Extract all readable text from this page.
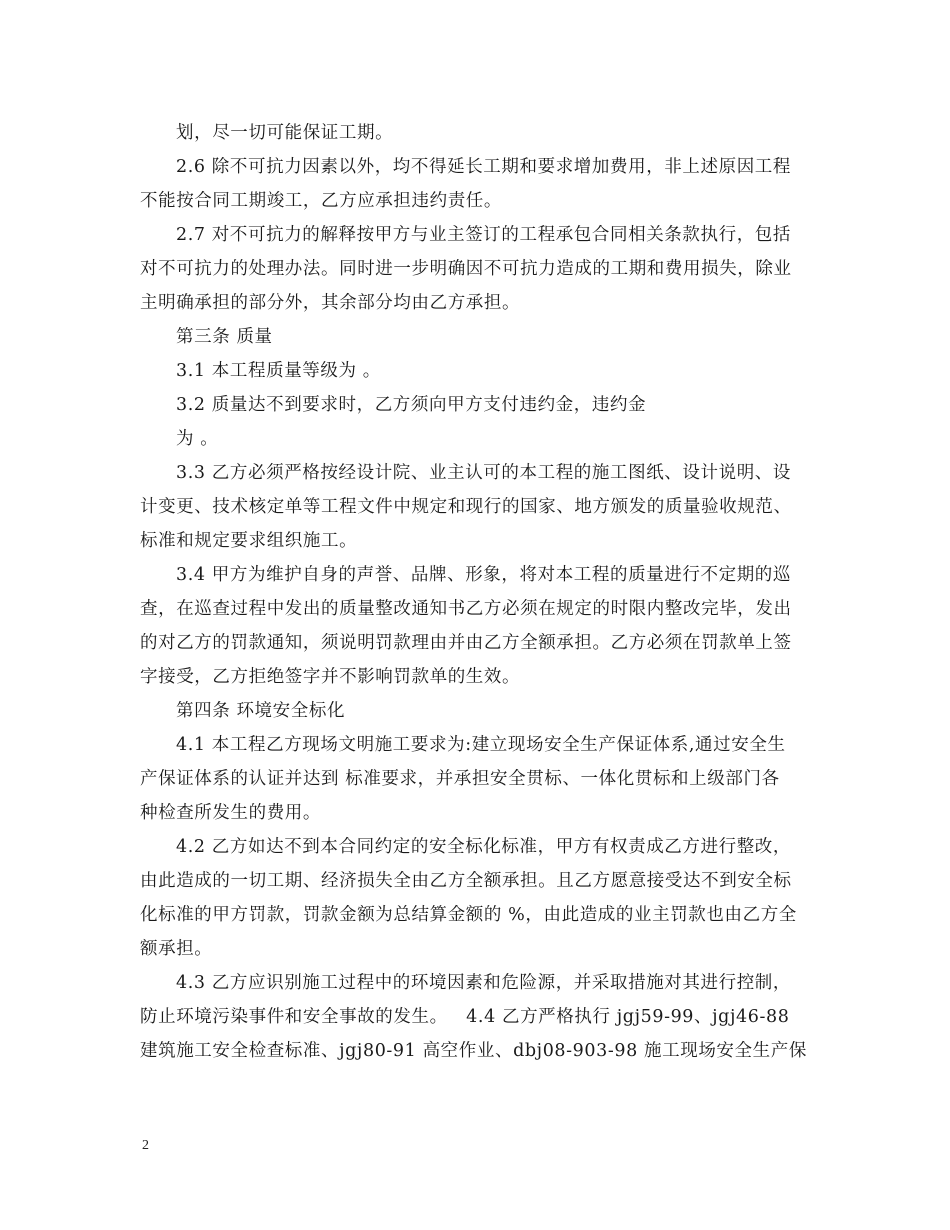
划，尽一切可能保证工期。
2.6 除不可抗力因素以外，均不得延长工期和要求增加费用，非上述原因工程
不能按合同工期竣工，乙方应承担违约责任。
2.7 对不可抗力的解释按甲方与业主签订的工程承包合同相关条款执行，包括
对不可抗力的处理办法。同时进一步明确因不可抗力造成的工期和费用损失，除业
主明确承担的部分外，其余部分均由乙方承担。
第三条 质量
3.1 本工程质量等级为 。
3.2 质量达不到要求时，乙方须向甲方支付违约金，违约金
为 。
3.3 乙方必须严格按经设计院、业主认可的本工程的施工图纸、设计说明、设
计变更、技术核定单等工程文件中规定和现行的国家、地方颁发的质量验收规范、
标准和规定要求组织施工。
3.4 甲方为维护自身的声誉、品牌、形象，将对本工程的质量进行不定期的巡
查，在巡查过程中发出的质量整改通知书乙方必须在规定的时限内整改完毕，发出
的对乙方的罚款通知，须说明罚款理由并由乙方全额承担。乙方必须在罚款单上签
字接受，乙方拒绝签字并不影响罚款单的生效。
第四条 环境安全标化
4.1 本工程乙方现场文明施工要求为:建立现场安全生产保证体系,通过安全生
产保证体系的认证并达到 标准要求，并承担安全贯标、一体化贯标和上级部门各
种检查所发生的费用。
4.2 乙方如达不到本合同约定的安全标化标准，甲方有权责成乙方进行整改，
由此造成的一切工期、经济损失全由乙方全额承担。且乙方愿意接受达不到安全标
化标准的甲方罚款，罚款金额为总结算金额的 %，由此造成的业主罚款也由乙方全
额承担。
4.3 乙方应识别施工过程中的环境因素和危险源，并采取措施对其进行控制，
防止环境污染事件和安全事故的发生。   4.4 乙方严格执行 jgj59-99、jgj46-88
建筑施工安全检查标准、jgj80-91 高空作业、dbj08-903-98 施工现场安全生产保
2
